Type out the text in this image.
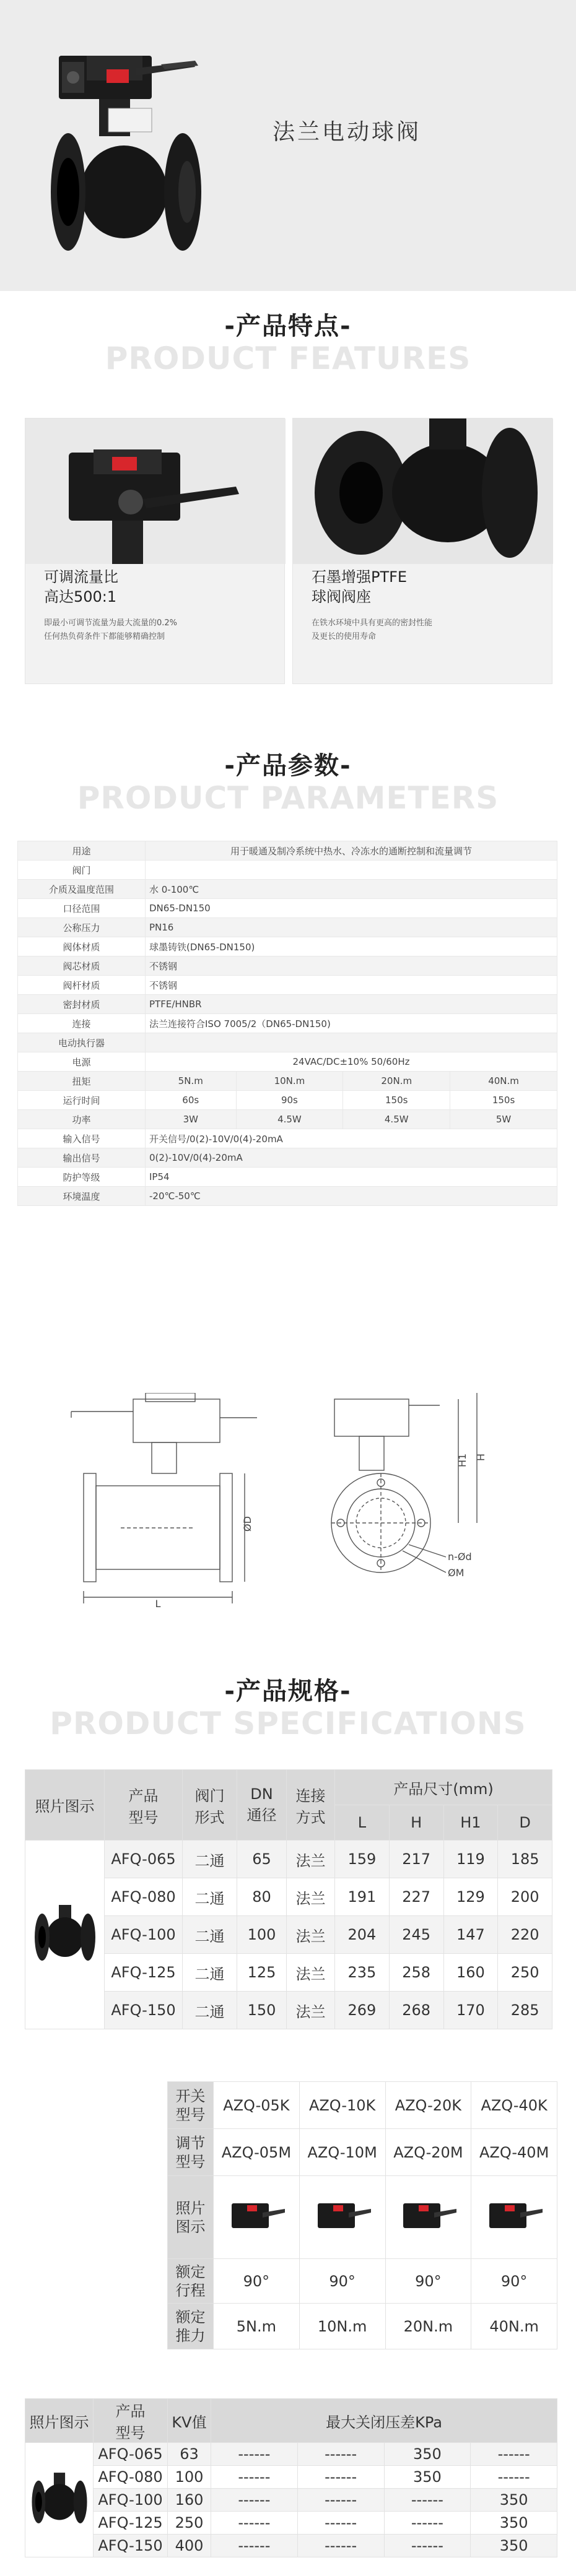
法兰电动球阀
-产品特点-
PRODUCT FEATURES
可调流量比
高达500:1
即最小可调节流量为最大流量的0.2%
任何热负荷条件下都能够精确控制
石墨增强PTFE
球阀阀座
在铁水环境中具有更高的密封性能
及更长的使用寿命
-产品参数-
PRODUCT PARAMETERS
用途	用于暖通及制冷系统中热水、冷冻水的通断控制和流量调节			
阀门				
介质及温度范围	水 0-100℃			
口径范围	DN65-DN150			
公称压力	PN16			
阀体材质	球墨铸铁(DN65-DN150)			
阀芯材质	不锈钢			
阀杆材质	不锈钢			
密封材质	PTFE/HNBR			
连接	法兰连接符合ISO 7005/2（DN65-DN150)			
电动执行器				
电源	24VAC/DC±10% 50/60Hz			
扭矩	5N.m	10N.m	20N.m	40N.m
运行时间	60s	90s	150s	150s
功率	3W	4.5W	4.5W	5W
输入信号	开关信号/0(2)-10V/0(4)-20mA			
输出信号	0(2)-10V/0(4)-20mA			
防护等级	IP54			
环境温度	-20℃-50℃			
L
ØD
H1 H
n-Ød
ØM
-产品规格-
PRODUCT SPECIFICATIONS
照片图示	产品
型号	阀门
形式	DN
通径	连接
方式	产品尺寸(mm)			
					L	H	H1	D
	AFQ-065	二通	65	法兰	159	217	119	185
	AFQ-080	二通	80	法兰	191	227	129	200
	AFQ-100	二通	100	法兰	204	245	147	220
	AFQ-125	二通	125	法兰	235	258	160	250
	AFQ-150	二通	150	法兰	269	268	170	285
开关
型号	AZQ-05K	AZQ-10K	AZQ-20K	AZQ-40K
调节
型号	AZQ-05M	AZQ-10M	AZQ-20M	AZQ-40M
照片
图示				
额定
行程	90°	90°	90°	90°
额定
推力	5N.m	10N.m	20N.m	40N.m
照片图示	产品
型号	KV值	最大关闭压差KPa			
	AFQ-065	63	------	------	350	------
	AFQ-080	100	------	------	350	------
	AFQ-100	160	------	------	------	350
	AFQ-125	250	------	------	------	350
	AFQ-150	400	------	------	------	350
